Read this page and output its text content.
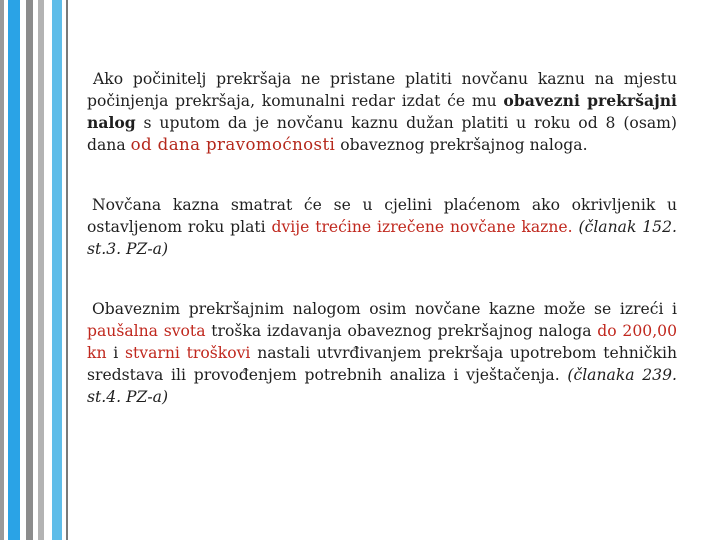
Ako počinitelj prekršaja ne pristane platiti novčanu kaznu na mjestu počinjenja prekršaja, komunalni redar izdat će mu obavezni prekršajni nalog s uputom da je novčanu kaznu dužan platiti u roku od 8 (osam) dana od dana pravomoćnosti obaveznog prekršajnog naloga.

Novčana kazna smatrat će se u cjelini plaćenom ako okrivljenik u ostavljenom roku plati dvije trećine izrečene novčane kazne. (članak 152. st.3. PZ-a)

Obaveznim prekršajnim nalogom osim novčane kazne može se izreći i paušalna svota troška izdavanja obaveznog prekršajnog naloga do 200,00 kn i stvarni troškovi nastali utvrđivanjem prekršaja upotrebom tehničkih sredstava ili provođenjem potrebnih analiza i vještačenja. (članaka 239. st.4. PZ-a)
